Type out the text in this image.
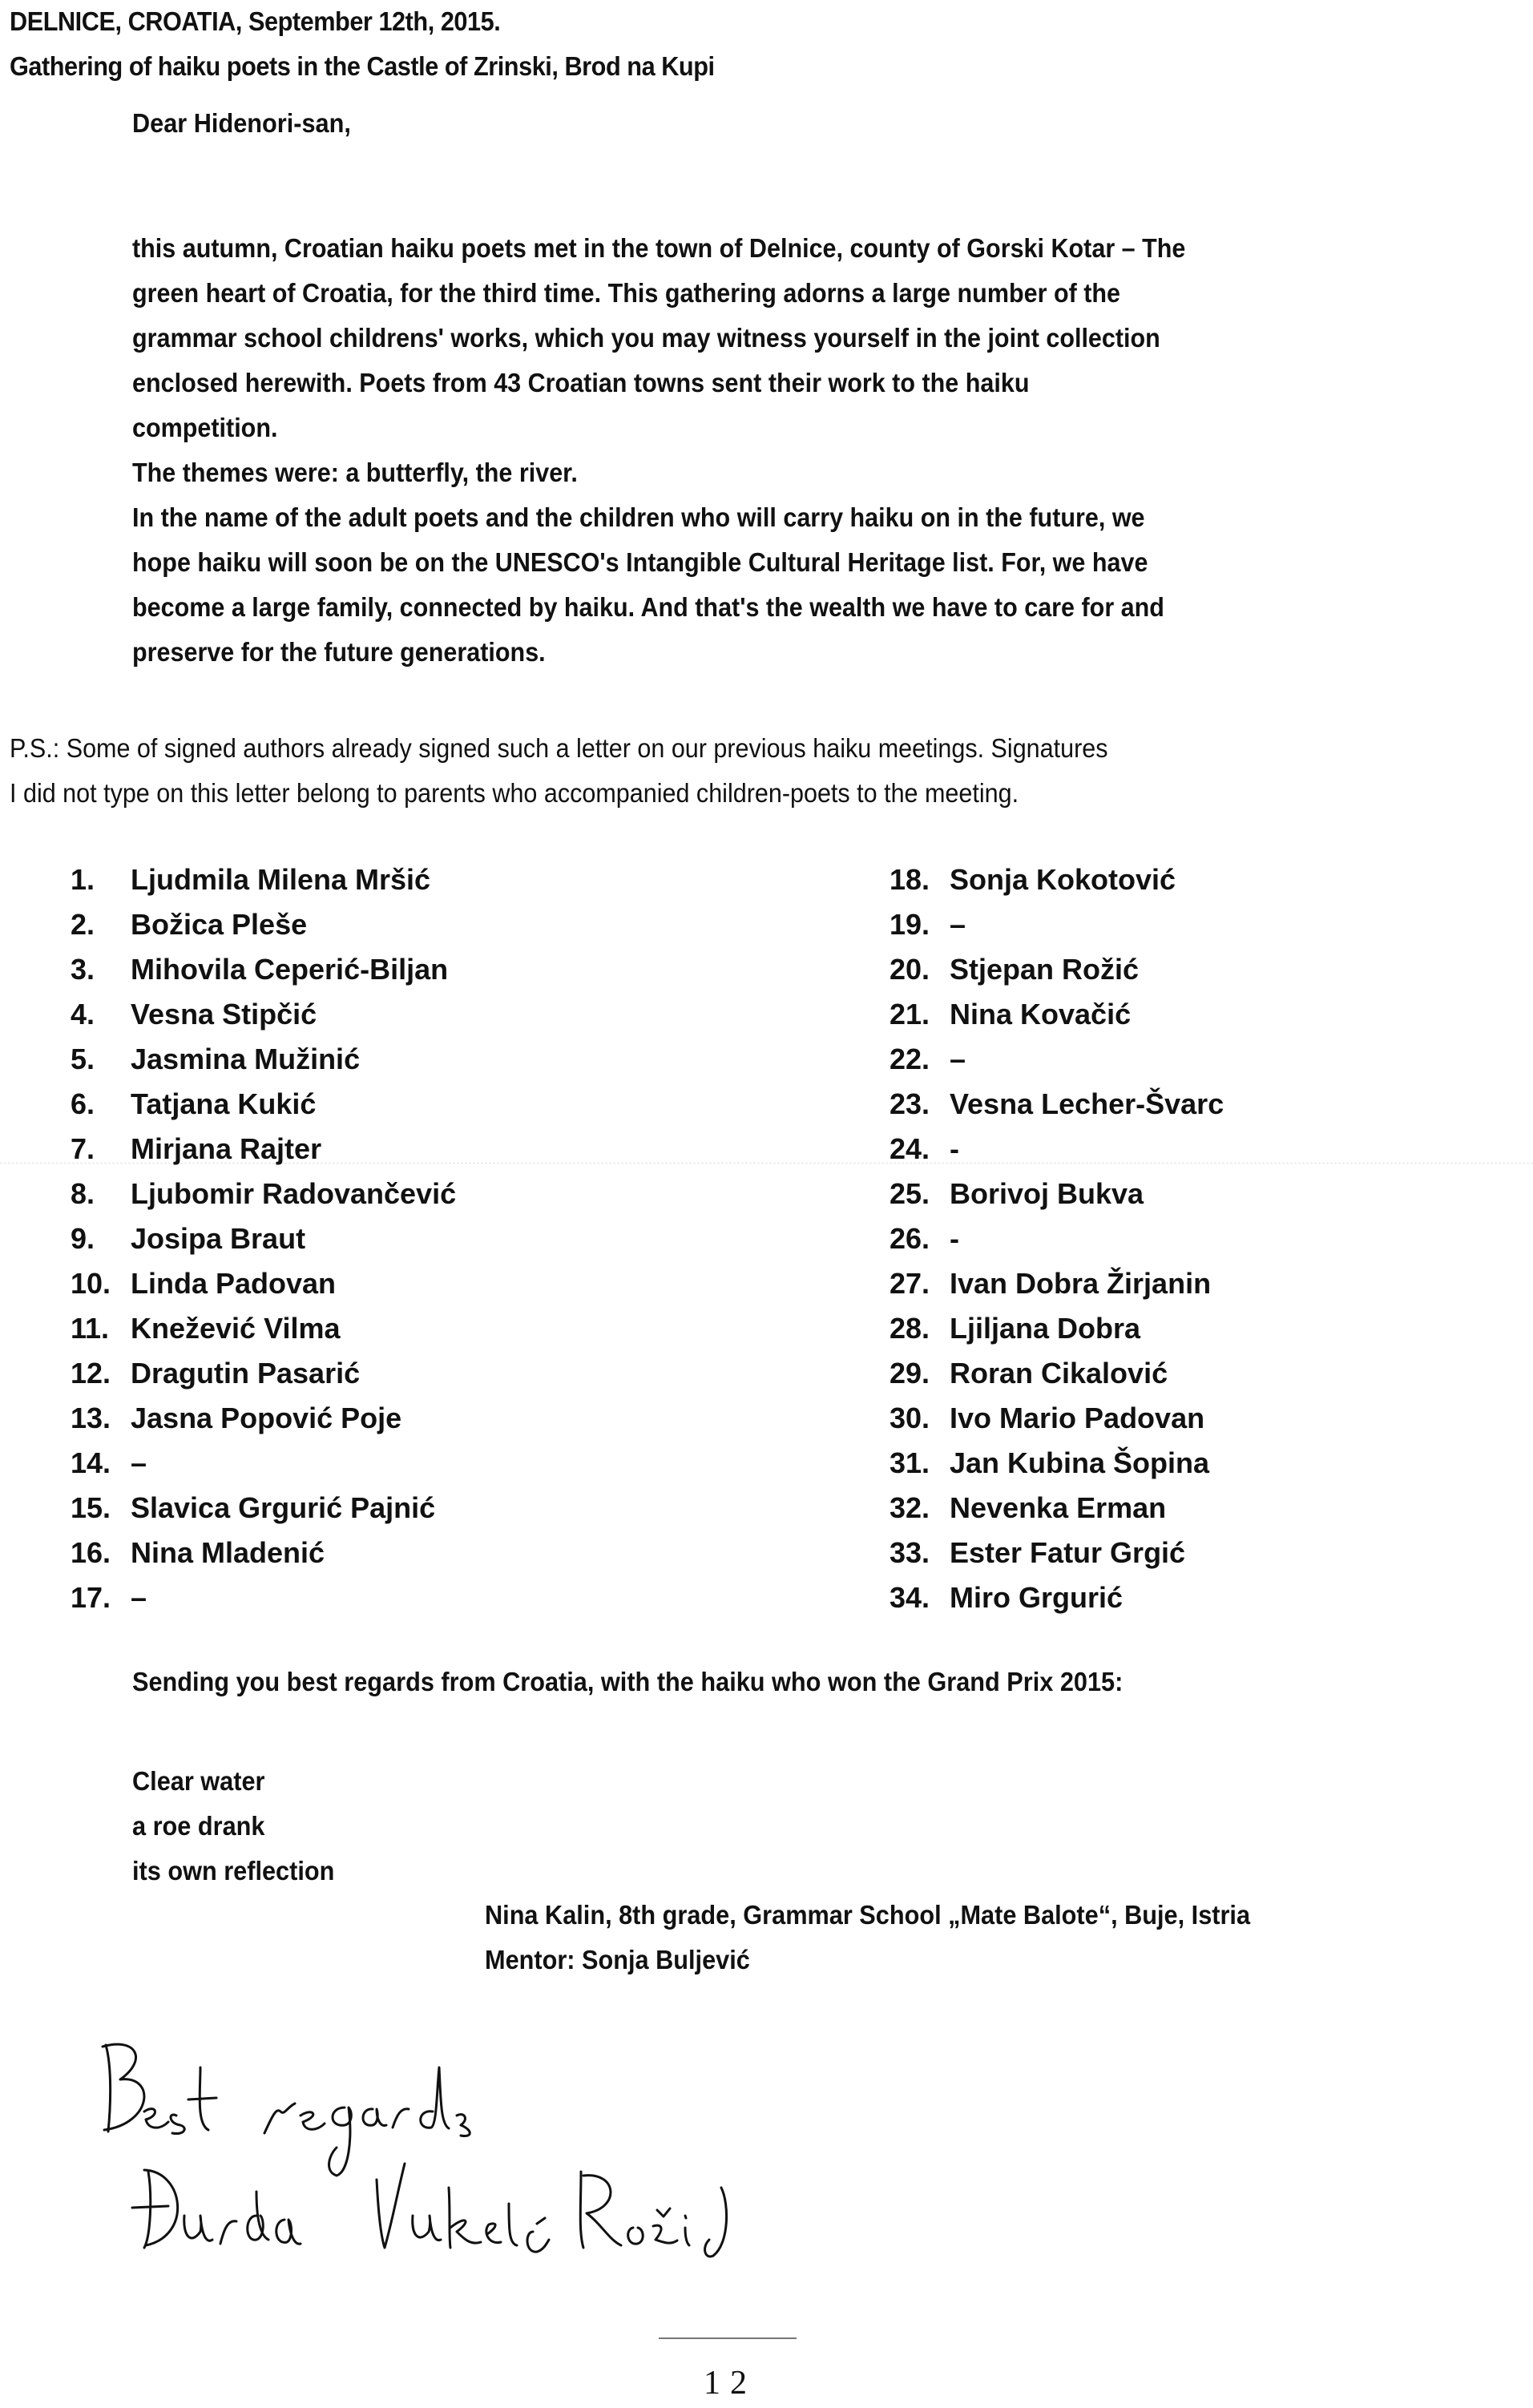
DELNICE, CROATIA, September 12th, 2015.
Gathering of haiku poets in the Castle of Zrinski, Brod na Kupi
Dear Hidenori-san,
this autumn, Croatian haiku poets met in the town of Delnice, county of Gorski Kotar – The
green heart of Croatia, for the third time. This gathering adorns a large number of the
grammar school childrens' works, which you may witness yourself in the joint collection
enclosed herewith. Poets from 43 Croatian towns sent their work to the haiku
competition.
The themes were: a butterfly, the river.
In the name of the adult poets and the children who will carry haiku on in the future, we
hope haiku will soon be on the UNESCO's Intangible Cultural Heritage list. For, we have
become a large family, connected by haiku. And that's the wealth we have to care for and
preserve for the future generations.
P.S.: Some of signed authors already signed such a letter on our previous haiku meetings. Signatures
I did not type on this letter belong to parents who accompanied children-poets to the meeting.
1.	Ljudmila Milena Mršić
2.	Božica Pleše
3.	Mihovila Ceperić-Biljan
4.	Vesna Stipčić
5.	Jasmina Mužinić
6.	Tatjana Kukić
7.	Mirjana Rajter
8.	Ljubomir Radovančević
9.	Josipa Braut
10. Linda Padovan
11. Knežević Vilma
12. Dragutin Pasarić
13. Jasna Popović Poje
14. –
15. Slavica Grgurić Pajnić
16. Nina Mladenić
17. –
18. Sonja Kokotović
19. –
20. Stjepan Rožić
21. Nina Kovačić
22. –
23. Vesna Lecher-Švarc
24. -
25. Borivoj Bukva
26. -
27. Ivan Dobra Žirjanin
28. Ljiljana Dobra
29. Roran Cikalović
30. Ivo Mario Padovan
31. Jan Kubina Šopina
32. Nevenka Erman
33. Ester Fatur Grgić
34. Miro Grgurić
Sending you best regards from Croatia, with the haiku who won the Grand Prix 2015:
Clear water
a roe drank
its own reflection
Nina Kalin, 8th grade, Grammar School „Mate Balote“, Buje, Istria
Mentor: Sonja Buljević
12
